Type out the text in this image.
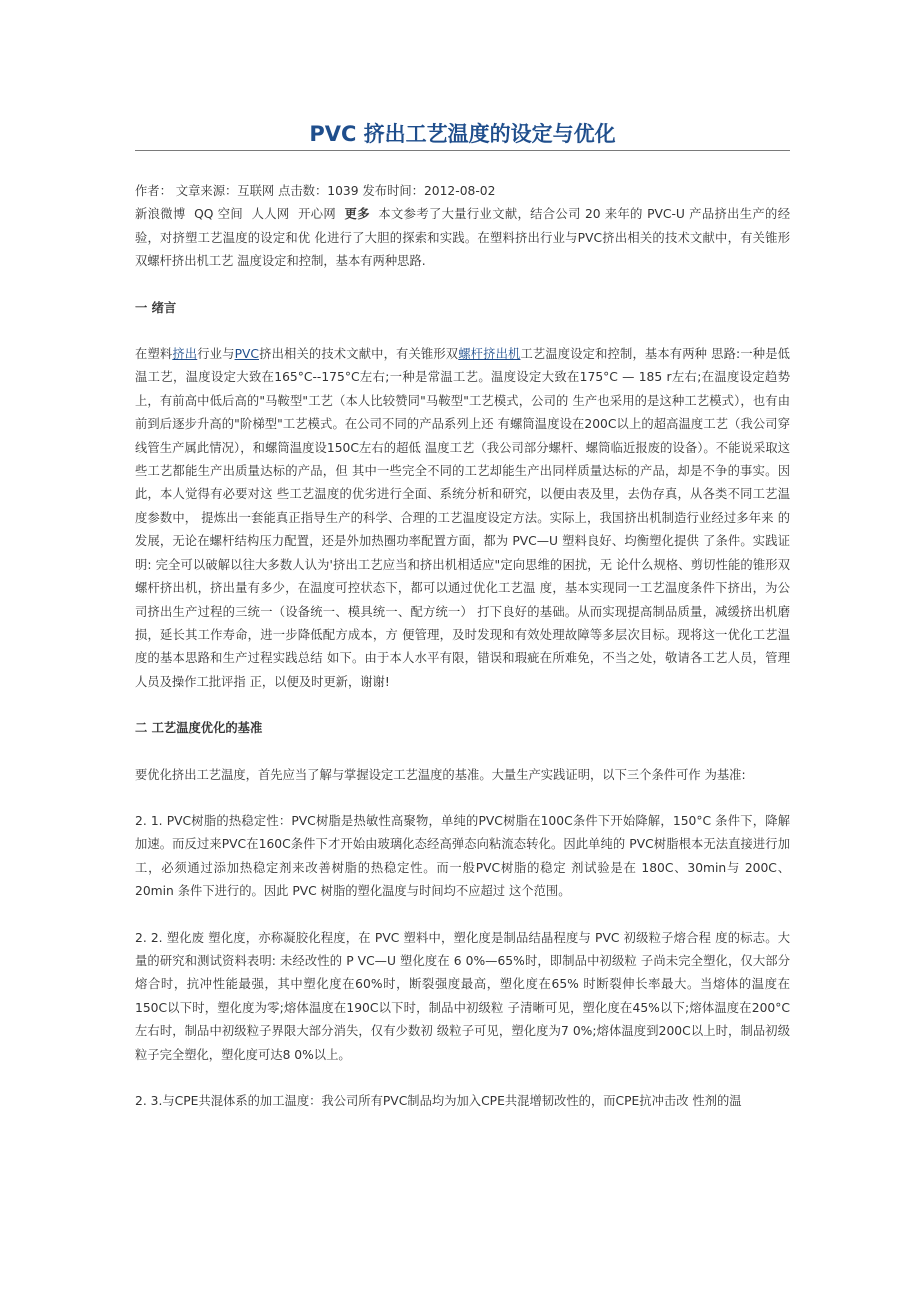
PVC 挤出工艺温度的设定与优化

作者： 文章来源：互联网 点击数：1039 发布时间：2012-08-02

新浪微博 QQ 空间 人人网 开心网 更多 本文参考了大量行业文献，结合公司 20 来年的 PVC-U 产品挤出生产的经验，对挤塑工艺温度的设定和优 化进行了大胆的探索和实践。在塑料挤出行业与PVC挤出相关的技术文献中，有关锥形双螺杆挤出机工艺 温度设定和控制，基本有两种思路.

一 绪言

在塑料挤出行业与PVC挤出相关的技术文献中，有关锥形双螺杆挤出机工艺温度设定和控制，基本有两种 思路:一种是低温工艺，温度设定大致在165°C--175°C左右;一种是常温工艺。温度设定大致在175°C — 185 r左右;在温度设定趋势上，有前高中低后高的"马鞍型"工艺（本人比较赞同"马鞍型"工艺模式，公司的 生产也采用的是这种工艺模式），也有由前到后逐步升高的"阶梯型"工艺模式。在公司不同的产品系列上还 有螺筒温度设在200C以上的超高温度工艺（我公司穿线管生产属此情况），和螺筒温度设150C左右的超低 温度工艺（我公司部分螺杆、螺筒临近报废的设备）。不能说采取这些工艺都能生产出质量达标的产品，但 其中一些完全不同的工艺却能生产出同样质量达标的产品，却是不争的事实。因此，本人觉得有必要对这 些工艺温度的优劣进行全面、系统分析和研究，以便由表及里，去伪存真，从各类不同工艺温度参数中， 提炼出一套能真正指导生产的科学、合理的工艺温度设定方法。实际上，我国挤出机制造行业经过多年来 的发展，无论在螺杆结构压力配置，还是外加热圈功率配置方面，都为 PVC—U 塑料良好、均衡塑化提供 了条件。实践证明: 完全可以破解以往大多数人认为'挤出工艺应当和挤出机相适应"定向思维的困扰，无 论什么规格、剪切性能的锥形双螺杆挤出机，挤出量有多少，在温度可控状态下，都可以通过优化工艺温 度，基本实现同一工艺温度条件下挤出，为公司挤出生产过程的三统一（设备统一、模具统一、配方统一） 打下良好的基础。从而实现提高制品质量，减缓挤出机磨损，延长其工作寿命，进一步降低配方成本，方 便管理，及时发现和有效处理故障等多层次目标。现将这一优化工艺温度的基本思路和生产过程实践总结 如下。由于本人水平有限，错误和瑕疵在所难免，不当之处，敬请各工艺人员，管理人员及操作工批评指 正，以便及时更新，谢谢!

二 工艺温度优化的基准

要优化挤出工艺温度，首先应当了解与掌握设定工艺温度的基准。大量生产实践证明，以下三个条件可作 为基准:

2. 1. PVC树脂的热稳定性：PVC树脂是热敏性高聚物，单纯的PVC树脂在100C条件下开始降解，150°C 条件下，降解加速。而反过来PVC在160C条件下才开始由玻璃化态经高弹态向粘流态转化。因此单纯的 PVC树脂根本无法直接进行加工，必须通过添加热稳定剂来改善树脂的热稳定性。而一般PVC树脂的稳定 剂试验是在 180C、30min与 200C、20min 条件下进行的。因此 PVC 树脂的塑化温度与时间均不应超过 这个范围。

2. 2. 塑化废 塑化度，亦称凝胶化程度，在 PVC 塑料中，塑化度是制品结晶程度与 PVC 初级粒子熔合程 度的标志。大量的研究和测试资料表明: 未经改性的 P VC—U 塑化度在 6 0%—65%时，即制品中初级粒 子尚未完全塑化，仅大部分熔合时，抗冲性能最强，其中塑化度在60%时，断裂强度最高，塑化度在65% 时断裂伸长率最大。当熔体的温度在150C以下时，塑化度为零;熔体温度在190C以下时，制品中初级粒 子清晰可见，塑化度在45%以下;熔体温度在200°C左右时，制品中初级粒子界限大部分消失，仅有少数初 级粒子可见，塑化度为7 0%;熔体温度到200C以上时，制品初级粒子完全塑化，塑化度可达8 0%以上。

2. 3.与CPE共混体系的加工温度：我公司所有PVC制品均为加入CPE共混增韧改性的，而CPE抗冲击改 性剂的温
